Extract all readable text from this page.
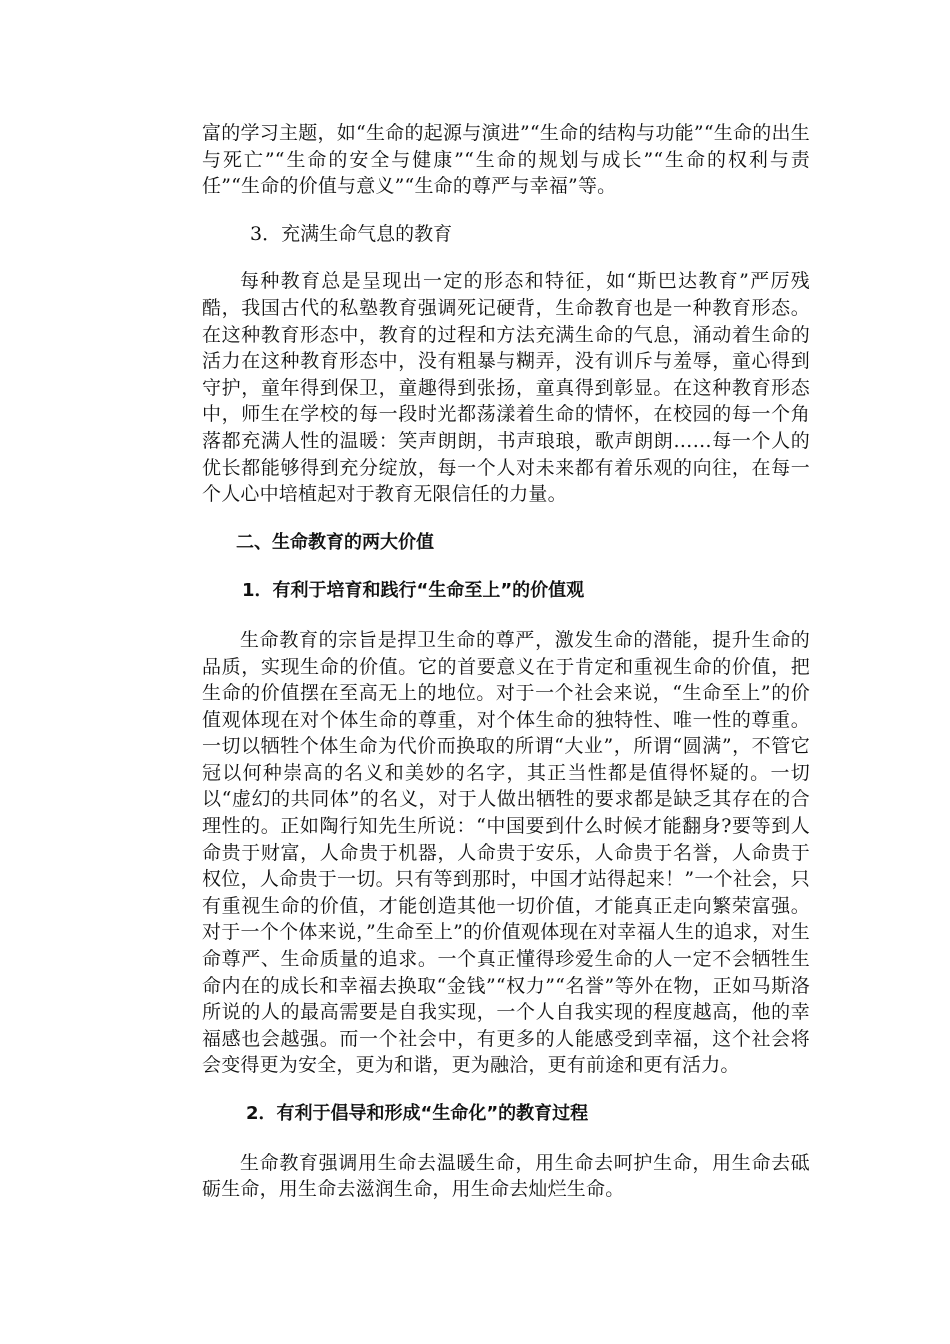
富的学习主题，如“生命的起源与演进”“生命的结构与功能”“生命的出生与死亡”“生命的安全与健康”“生命的规划与成长”“生命的权利与责任”“生命的价值与意义”“生命的尊严与幸福”等。

3．充满生命气息的教育

每种教育总是呈现出一定的形态和特征，如“斯巴达教育”严厉残酷，我国古代的私塾教育强调死记硬背，生命教育也是一种教育形态。在这种教育形态中，教育的过程和方法充满生命的气息，涌动着生命的活力在这种教育形态中，没有粗暴与糊弄，没有训斥与羞辱，童心得到守护，童年得到保卫，童趣得到张扬，童真得到彰显。在这种教育形态中，师生在学校的每一段时光都荡漾着生命的情怀，在校园的每一个角落都充满人性的温暖：笑声朗朗，书声琅琅，歌声朗朗……每一个人的优长都能够得到充分绽放，每一个人对未来都有着乐观的向往，在每一个人心中培植起对于教育无限信任的力量。

二、生命教育的两大价值

1．有利于培育和践行“生命至上”的价值观

生命教育的宗旨是捍卫生命的尊严，激发生命的潜能，提升生命的品质，实现生命的价值。它的首要意义在于肯定和重视生命的价值，把生命的价值摆在至高无上的地位。对于一个社会来说，“生命至上”的价值观体现在对个体生命的尊重，对个体生命的独特性、唯一性的尊重。一切以牺牲个体生命为代价而换取的所谓“大业”，所谓“圆满”，不管它冠以何种崇高的名义和美妙的名字，其正当性都是值得怀疑的。一切以“虚幻的共同体”的名义，对于人做出牺牲的要求都是缺乏其存在的合理性的。正如陶行知先生所说：“中国要到什么时候才能翻身?要等到人命贵于财富，人命贵于机器，人命贵于安乐，人命贵于名誉，人命贵于权位，人命贵于一切。只有等到那时，中国才站得起来！”一个社会，只有重视生命的价值，才能创造其他一切价值，才能真正走向繁荣富强。对于一个个体来说，”生命至上”的价值观体现在对幸福人生的追求，对生命尊严、生命质量的追求。一个真正懂得珍爱生命的人一定不会牺牲生命内在的成长和幸福去换取“金钱”“权力”“名誉”等外在物，正如马斯洛所说的人的最高需要是自我实现，一个人自我实现的程度越高，他的幸福感也会越强。而一个社会中，有更多的人能感受到幸福，这个社会将会变得更为安全，更为和谐，更为融洽，更有前途和更有活力。

2．有利于倡导和形成“生命化”的教育过程

生命教育强调用生命去温暖生命，用生命去呵护生命，用生命去砥砺生命，用生命去滋润生命，用生命去灿烂生命。
